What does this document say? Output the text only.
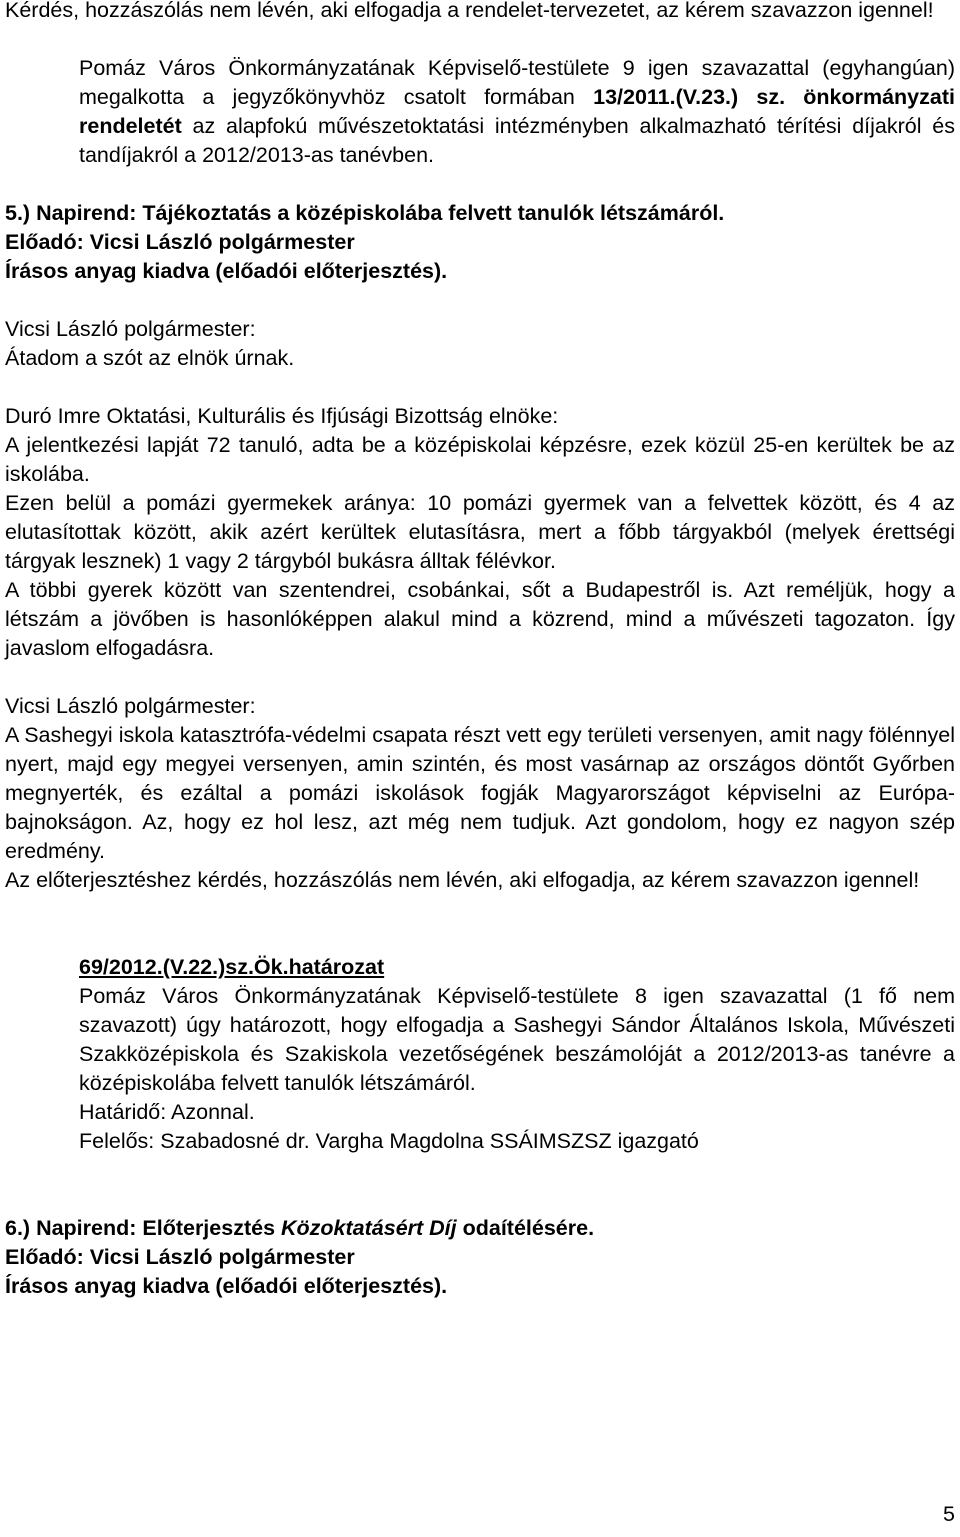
Kérdés, hozzászólás nem lévén, aki elfogadja a rendelet-tervezetet, az kérem szavazzon igennel!

Pomáz Város Önkormányzatának Képviselő-testülete 9 igen szavazattal (egyhangúan) megalkotta a jegyzőkönyvhöz csatolt formában 13/2011.(V.23.) sz. önkormányzati rendeletét az alapfokú művészetoktatási intézményben alkalmazható térítési díjakról és tandíjakról a 2012/2013-as tanévben.

5.) Napirend: Tájékoztatás a középiskolába felvett tanulók létszámáról.

Előadó: Vicsi László polgármester

Írásos anyag kiadva (előadói előterjesztés).

Vicsi László polgármester:

Átadom a szót az elnök úrnak.

Duró Imre Oktatási, Kulturális és Ifjúsági Bizottság elnöke:

A jelentkezési lapját 72 tanuló, adta be a középiskolai képzésre, ezek közül 25-en kerültek be az iskolába.

Ezen belül a pomázi gyermekek aránya: 10 pomázi gyermek van a felvettek között, és 4 az elutasítottak között, akik azért kerültek elutasításra, mert a főbb tárgyakból (melyek érettségi tárgyak lesznek) 1 vagy 2 tárgyból bukásra álltak félévkor.

A többi gyerek között van szentendrei, csobánkai, sőt a Budapestről is. Azt reméljük, hogy a létszám a jövőben is hasonlóképpen alakul mind a közrend, mind a művészeti tagozaton. Így javaslom elfogadásra.

Vicsi László polgármester:

A Sashegyi iskola katasztrófa-védelmi csapata részt vett egy területi versenyen, amit nagy fölénnyel nyert, majd egy megyei versenyen, amin szintén, és most vasárnap az országos döntőt Győrben megnyerték, és ezáltal a pomázi iskolások fogják Magyarországot képviselni az Európa-bajnokságon. Az, hogy ez hol lesz, azt még nem tudjuk. Azt gondolom, hogy ez nagyon szép eredmény.

Az előterjesztéshez kérdés, hozzászólás nem lévén, aki elfogadja, az kérem szavazzon igennel!

69/2012.(V.22.)sz.Ök.határozat

Pomáz Város Önkormányzatának Képviselő-testülete 8 igen szavazattal (1 fő nem szavazott) úgy határozott, hogy elfogadja a Sashegyi Sándor Általános Iskola, Művészeti Szakközépiskola és Szakiskola vezetőségének beszámolóját a 2012/2013-as tanévre a középiskolába felvett tanulók létszámáról.

Határidő: Azonnal.

Felelős: Szabadosné dr. Vargha Magdolna SSÁIMSZSZ igazgató

6.) Napirend: Előterjesztés Közoktatásért Díj odaítélésére.

Előadó: Vicsi László polgármester

Írásos anyag kiadva (előadói előterjesztés).

5
